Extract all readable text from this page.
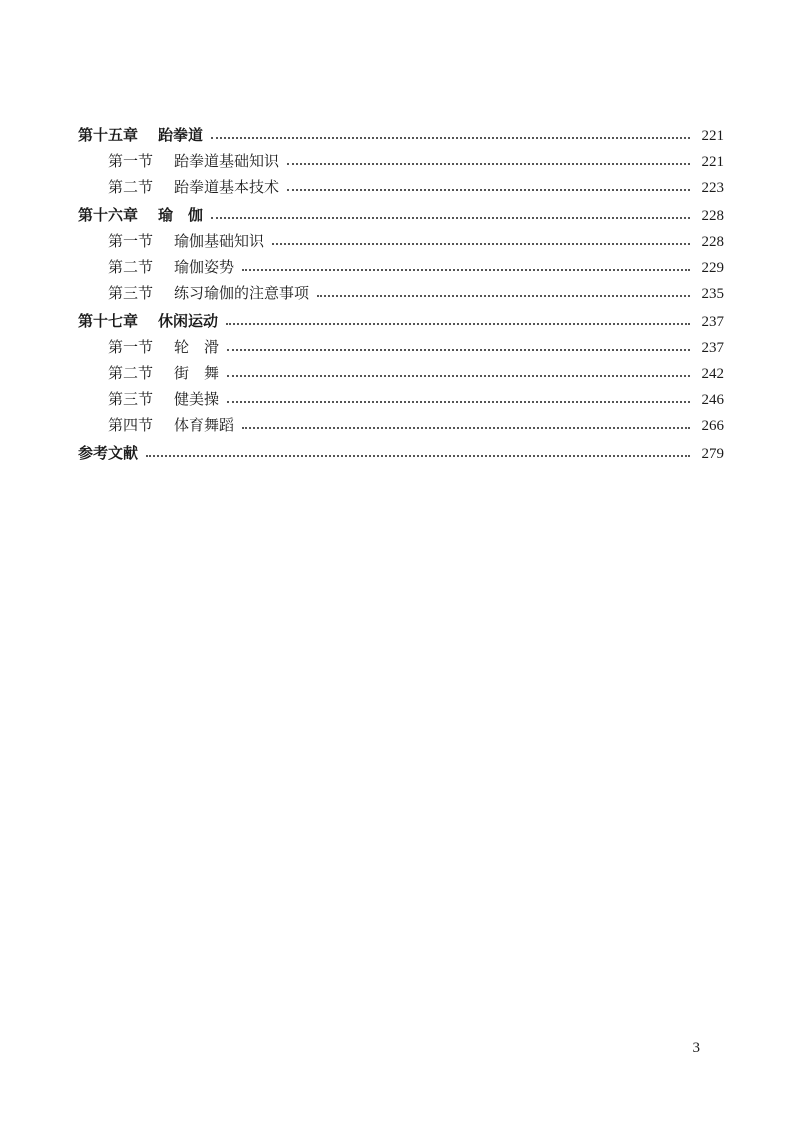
第十五章	跆拳道	221
第一节	跆拳道基础知识	221
第二节	跆拳道基本技术	223
第十六章	瑜　伽	228
第一节	瑜伽基础知识	228
第二节	瑜伽姿势	229
第三节	练习瑜伽的注意事项	235
第十七章	休闲运动	237
第一节	轮　滑	237
第二节	街　舞	242
第三节	健美操	246
第四节	体育舞蹈	266
参考文献	279
3
